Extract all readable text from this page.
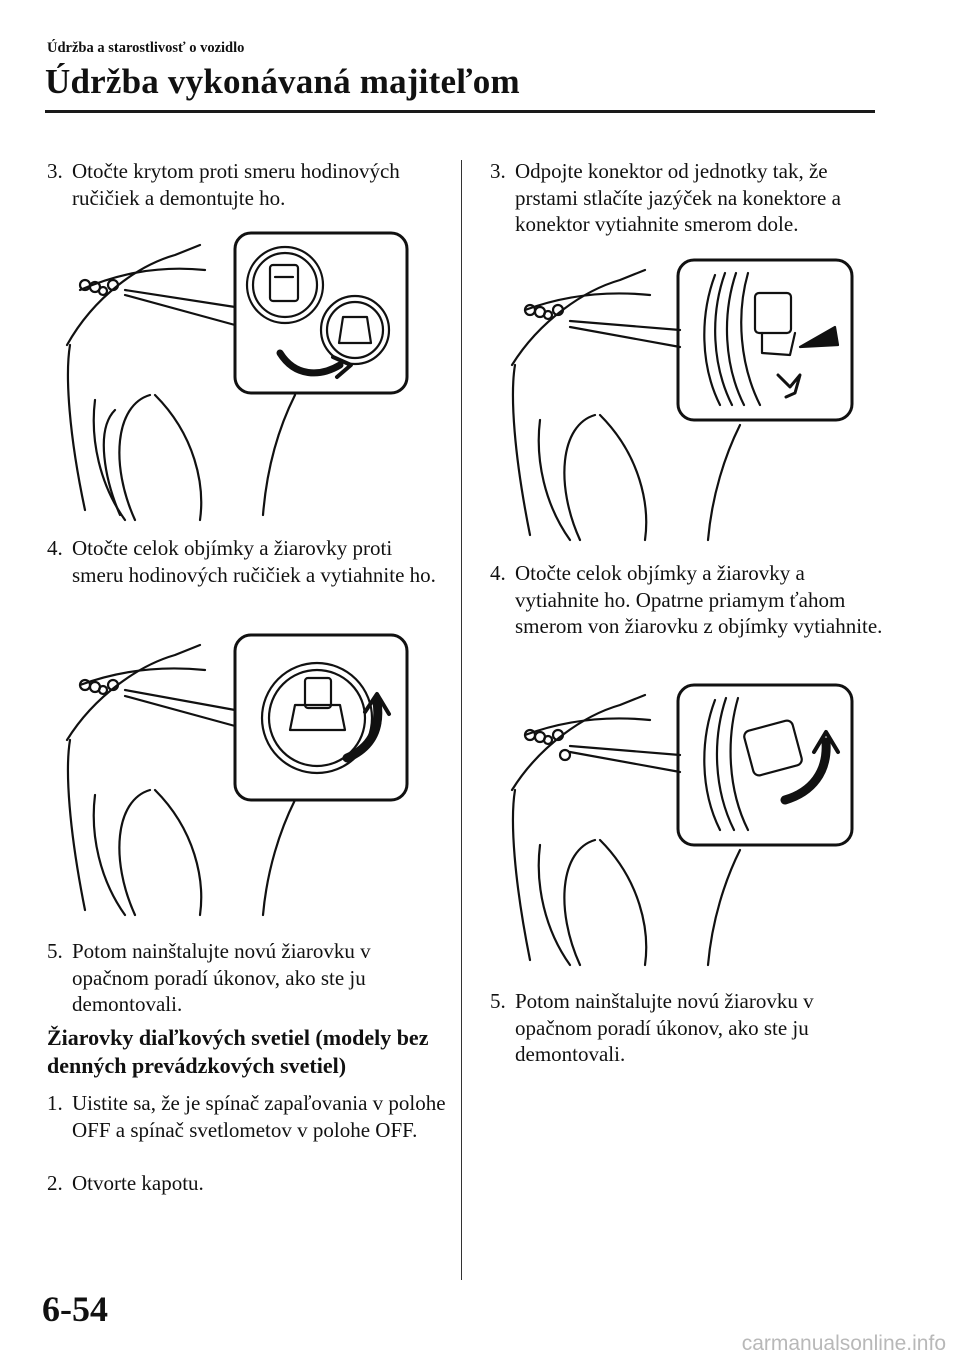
Údržba a starostlivosť o vozidlo
Údržba vykonávaná majiteľom
3. Otočte krytom proti smeru hodinových ručičiek a demontujte ho.
4. Otočte celok objímky a žiarovky proti smeru hodinových ručičiek a vytiahnite ho.
5. Potom nainštalujte novú žiarovku v opačnom poradí úkonov, ako ste ju demontovali.
Žiarovky diaľkových svetiel (modely bez denných prevádzkových svetiel)
1. Uistite sa, že je spínač zapaľovania v polohe OFF a spínač svetlometov v polohe OFF.
2. Otvorte kapotu.
3. Odpojte konektor od jednotky tak, že prstami stlačíte jazýček na konektore a konektor vytiahnite smerom dole.
4. Otočte celok objímky a žiarovky a vytiahnite ho. Opatrne priamym ťahom smerom von žiarovku z objímky vytiahnite.
5. Potom nainštalujte novú žiarovku v opačnom poradí úkonov, ako ste ju demontovali.
6-54
carmanualsonline.info
